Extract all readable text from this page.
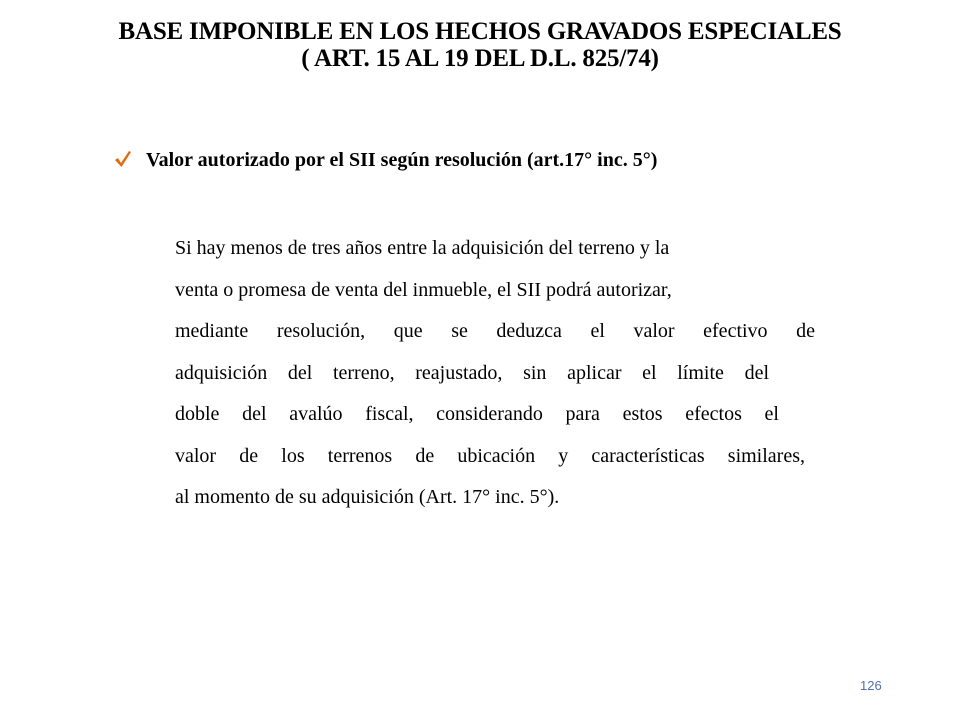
BASE IMPONIBLE EN LOS HECHOS GRAVADOS ESPECIALES
( ART. 15 AL 19 DEL D.L. 825/74)
Valor autorizado por el SII según resolución (art.17° inc. 5°)
Si hay menos de tres años entre la adquisición del terreno y la
venta o promesa de venta del inmueble, el SII podrá autorizar,
mediante resolución, que se deduzca el valor efectivo de
adquisición del terreno, reajustado, sin aplicar el límite del
doble del avalúo fiscal, considerando para estos efectos el
valor de los terrenos de ubicación y características similares,
al momento de su adquisición (Art. 17° inc. 5°).
126
